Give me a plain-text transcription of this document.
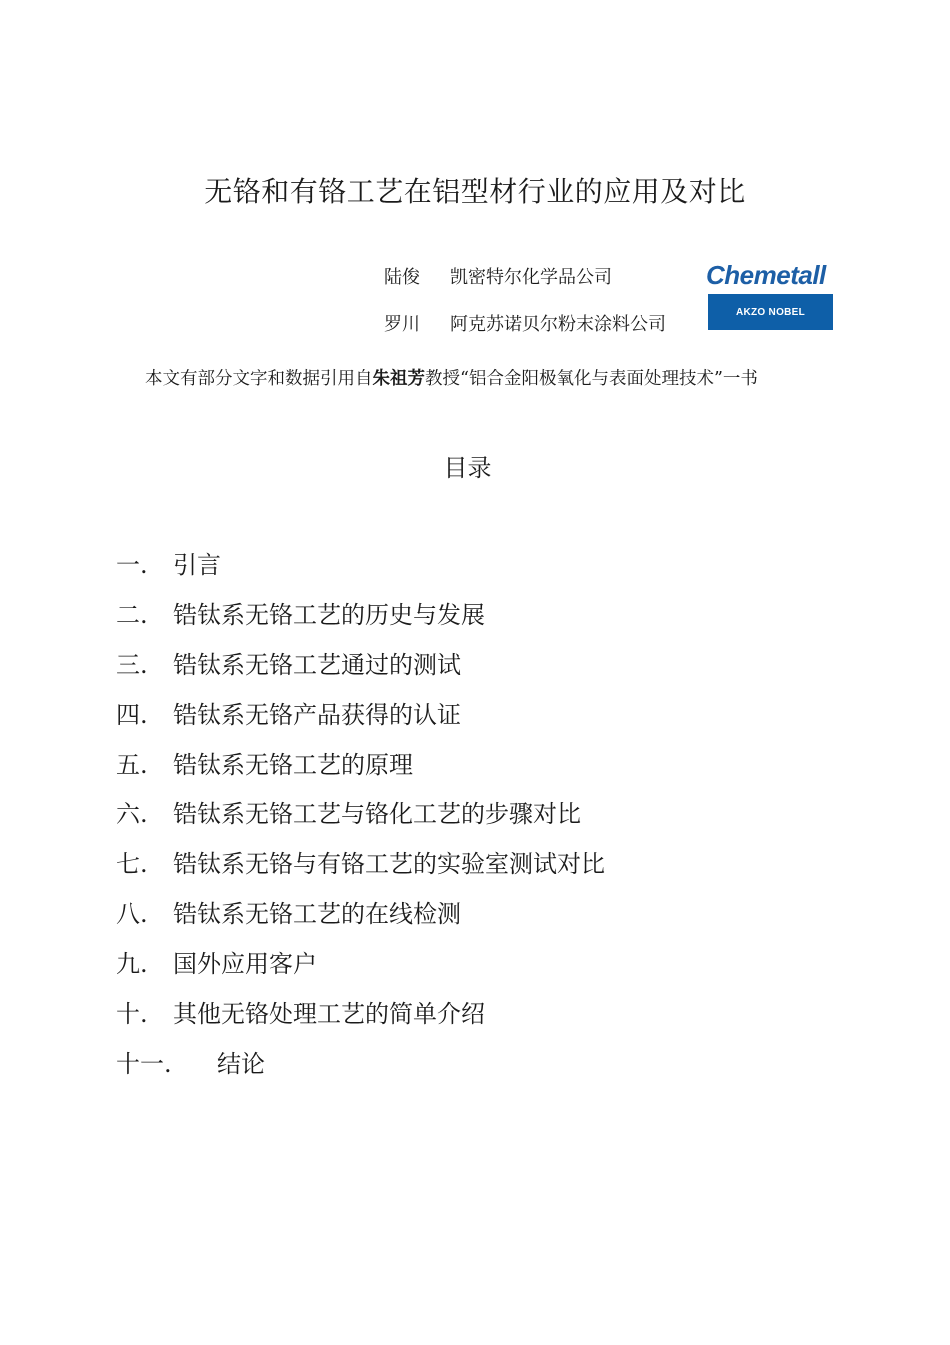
无铬和有铬工艺在铝型材行业的应用及对比
陆俊 凯密特尔化学品公司
罗川 阿克苏诺贝尔粉末涂料公司
Chemetall
AKZO NOBEL
本文有部分文字和数据引用自朱祖芳教授“铝合金阳极氧化与表面处理技术”一书
目录
一.	引言
二.	锆钛系无铬工艺的历史与发展
三.	锆钛系无铬工艺通过的测试
四.	锆钛系无铬产品获得的认证
五.	锆钛系无铬工艺的原理
六.	锆钛系无铬工艺与铬化工艺的步骤对比
七.	锆钛系无铬与有铬工艺的实验室测试对比
八.	锆钛系无铬工艺的在线检测
九.	国外应用客户
十.	其他无铬处理工艺的简单介绍
十一.	结论
